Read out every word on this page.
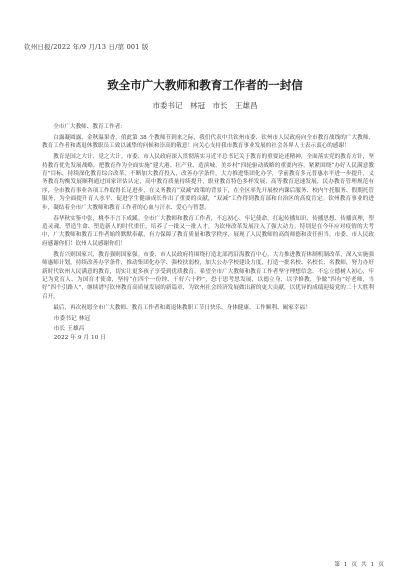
钦州日报/2022 年/9 月/13 日/第 001 版
致全市广大教师和教育工作者的一封信
市委书记　林冠　市长　王雄昌

全市广大教师、教育工作者：

白露凝圆露，金秋温果香。值此第 38 个教师节到来之际，我们代表中共钦州市委、钦州市人民政府向全市教育战线的广大教师、教育工作者和离退休教职员工致以诚挚的问候和崇高的敬意！向关心支持我市教育事业发展的社会各界人士表示衷心的感谢！

教育是国之大计、党之大计。市委、市人民政府深入贯彻落实习近平总书记关于教育的重要论述精神，全面落实党的教育方针，坚持教育优先发展战略，把教育作为全面实施“建大港、壮产业、造滨城、美乡村”四轮驱动战略的重要内容，紧紧围绕“办好人民满意教育”目标，持续深化教育综合改革，不断加大教育投入，改善办学条件，大力推进集团化办学，学前教育多元普惠水平进一步提升，义务教育均衡发展顺利通过国家评估认定，高中教育质量持续提升，职业教育特色多样发展，高等教育迅速发展，民办教育管理规范有序，全市教育事业各项工作取得长足进步，在义务教育“双减”政策的背景下，在全区率先开展校内课后服务、校内午托服务、假期托管服务，为全面提升育人水平、促进学生健康成长作出了重要的贡献，“双减”工作得到教育部和自治区的高度肯定。钦州教育事业的进步，凝结着全市广大教师和教育工作者的心血与汗水、爱心与智慧。

春华秋实鉴中张，桃李不言下成蹊。全市广大教师和教育工作者，不忘初心、牢记使命，扛起传播知识、传播思想、传播真理，塑造灵魂、塑造生命、塑造新人的时代重任，培养了一批又一批人才，为钦州改革发展注入了强大动力。特别是在今年应对疫情的大考中，广大教师和教育工作者始终默默奉献，有力保障了教育质量和教学秩序，展现了人民教师的高尚师德和责任担当。市委、市人民政府感谢你们！钦州人民感谢你们！

教育兴则国家兴，教育强则国家强。市委、市人民政府将围绕打造北部湾沿海教育中心，大力推进教育体制机制改革，深入实施强师惠师计划，持续改善办学条件，推动集团化办学、强校扶弱校，加大公办学校建设力度，打造一批名校、名校长、名教师，努力办好新时代钦州人民满意的教育，切实让更多孩子享受到优质教育。希望全市广大教师和教育工作者坚守理想信念，不忘立德树人初心，牢记为党育人、为国育才使命，坚持“在四个一份钟、干好六十秒”，恐于思考思发展，以德立身，以学修教，争做“四有”好老师，当好“四个引路人”，继续谱写钦州教育高质量发展的新篇章，为钦州社会经济发展做出新的更大贡献，以优异的成绩迎接党的二十大胜利召开。

最后，再次祝愿全市广大教师、教育工作者和离退休教职工节日快乐、身体健康、工作顺利、阖家幸福！

市委书记 林冠
市长 王雄昌
2022 年 9 月 10 日
第 1 页 共 1 页
